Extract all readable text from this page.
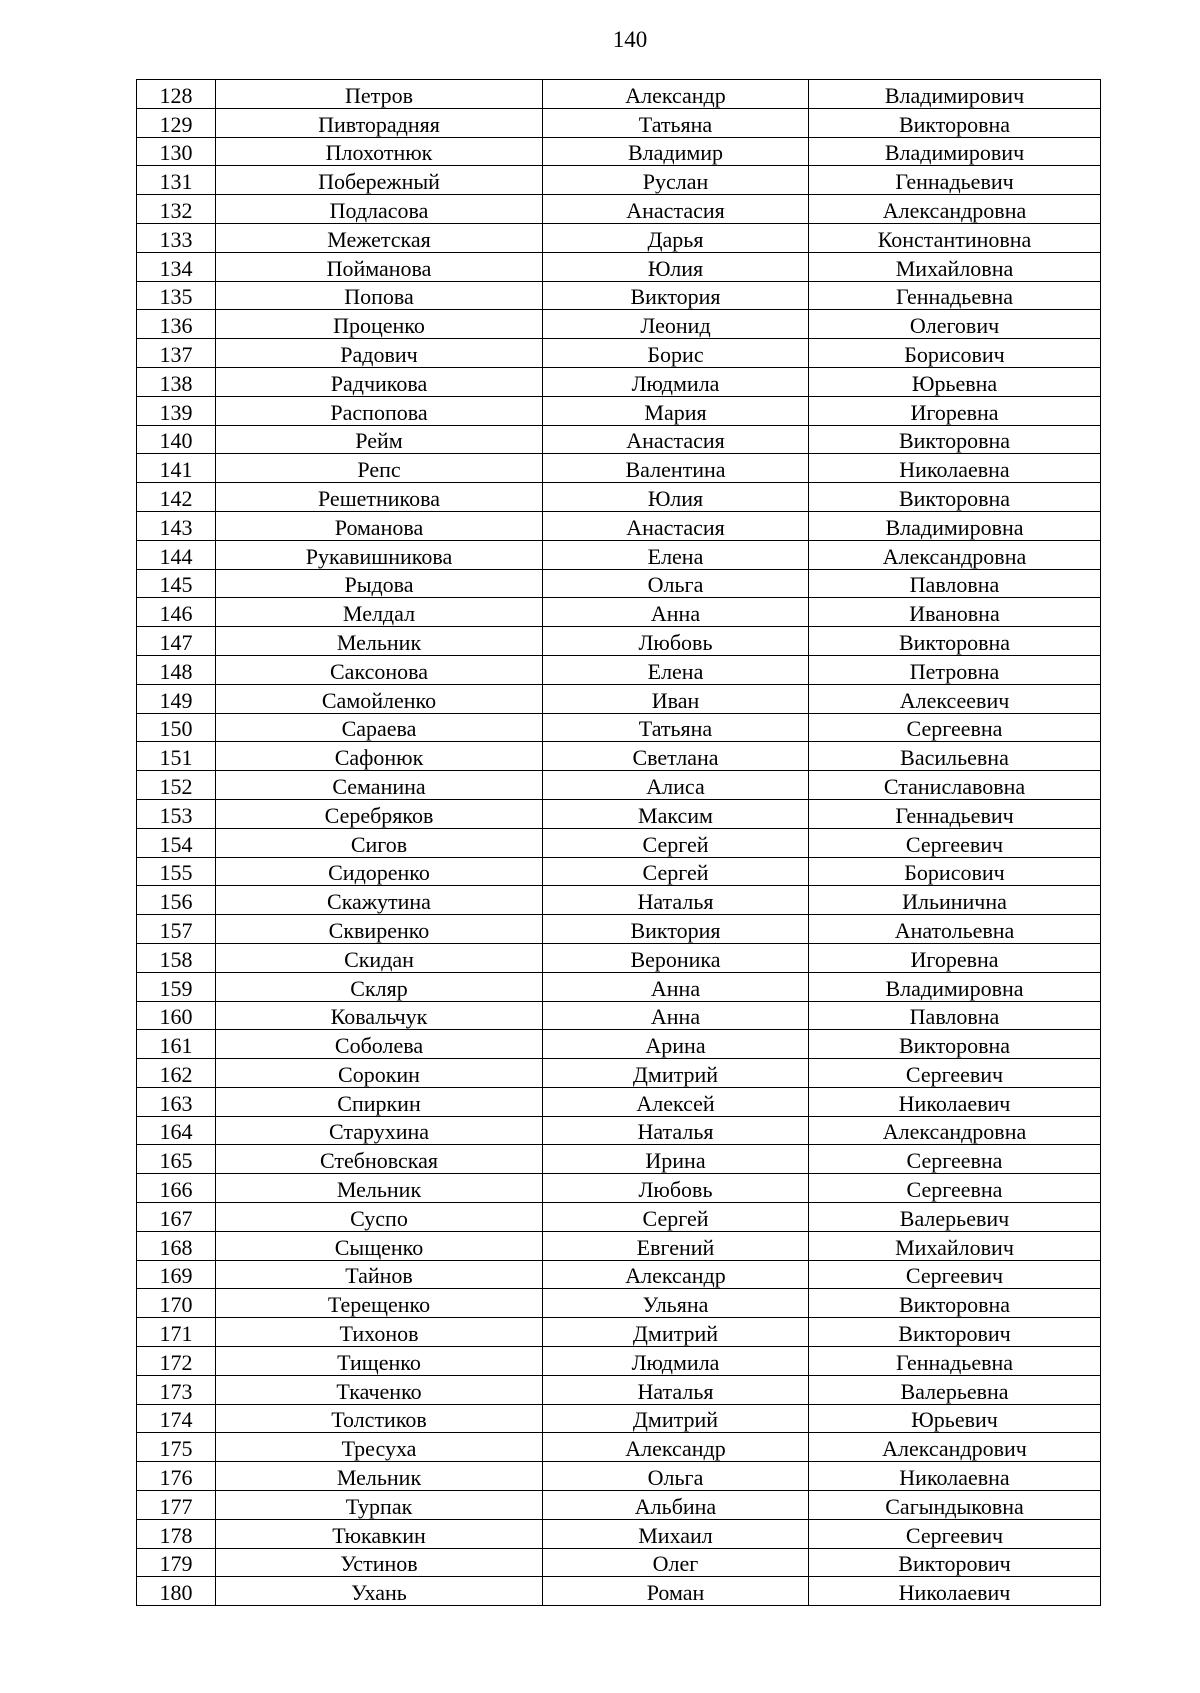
140
128	Петров	Александр	Владимирович
129	Пивторадняя	Татьяна	Викторовна
130	Плохотнюк	Владимир	Владимирович
131	Побережный	Руслан	Геннадьевич
132	Подласова	Анастасия	Александровна
133	Межетская	Дарья	Константиновна
134	Пойманова	Юлия	Михайловна
135	Попова	Виктория	Геннадьевна
136	Проценко	Леонид	Олегович
137	Радович	Борис	Борисович
138	Радчикова	Людмила	Юрьевна
139	Распопова	Мария	Игоревна
140	Рейм	Анастасия	Викторовна
141	Репс	Валентина	Николаевна
142	Решетникова	Юлия	Викторовна
143	Романова	Анастасия	Владимировна
144	Рукавишникова	Елена	Александровна
145	Рыдова	Ольга	Павловна
146	Мелдал	Анна	Ивановна
147	Мельник	Любовь	Викторовна
148	Саксонова	Елена	Петровна
149	Самойленко	Иван	Алексеевич
150	Сараева	Татьяна	Сергеевна
151	Сафонюк	Светлана	Васильевна
152	Семанина	Алиса	Станиславовна
153	Серебряков	Максим	Геннадьевич
154	Сигов	Сергей	Сергеевич
155	Сидоренко	Сергей	Борисович
156	Скажутина	Наталья	Ильинична
157	Сквиренко	Виктория	Анатольевна
158	Скидан	Вероника	Игоревна
159	Скляр	Анна	Владимировна
160	Ковальчук	Анна	Павловна
161	Соболева	Арина	Викторовна
162	Сорокин	Дмитрий	Сергеевич
163	Спиркин	Алексей	Николаевич
164	Старухина	Наталья	Александровна
165	Стебновская	Ирина	Сергеевна
166	Мельник	Любовь	Сергеевна
167	Суспо	Сергей	Валерьевич
168	Сыщенко	Евгений	Михайлович
169	Тайнов	Александр	Сергеевич
170	Терещенко	Ульяна	Викторовна
171	Тихонов	Дмитрий	Викторович
172	Тищенко	Людмила	Геннадьевна
173	Ткаченко	Наталья	Валерьевна
174	Толстиков	Дмитрий	Юрьевич
175	Тресуха	Александр	Александрович
176	Мельник	Ольга	Николаевна
177	Турпак	Альбина	Сагындыковна
178	Тюкавкин	Михаил	Сергеевич
179	Устинов	Олег	Викторович
180	Ухань	Роман	Николаевич
